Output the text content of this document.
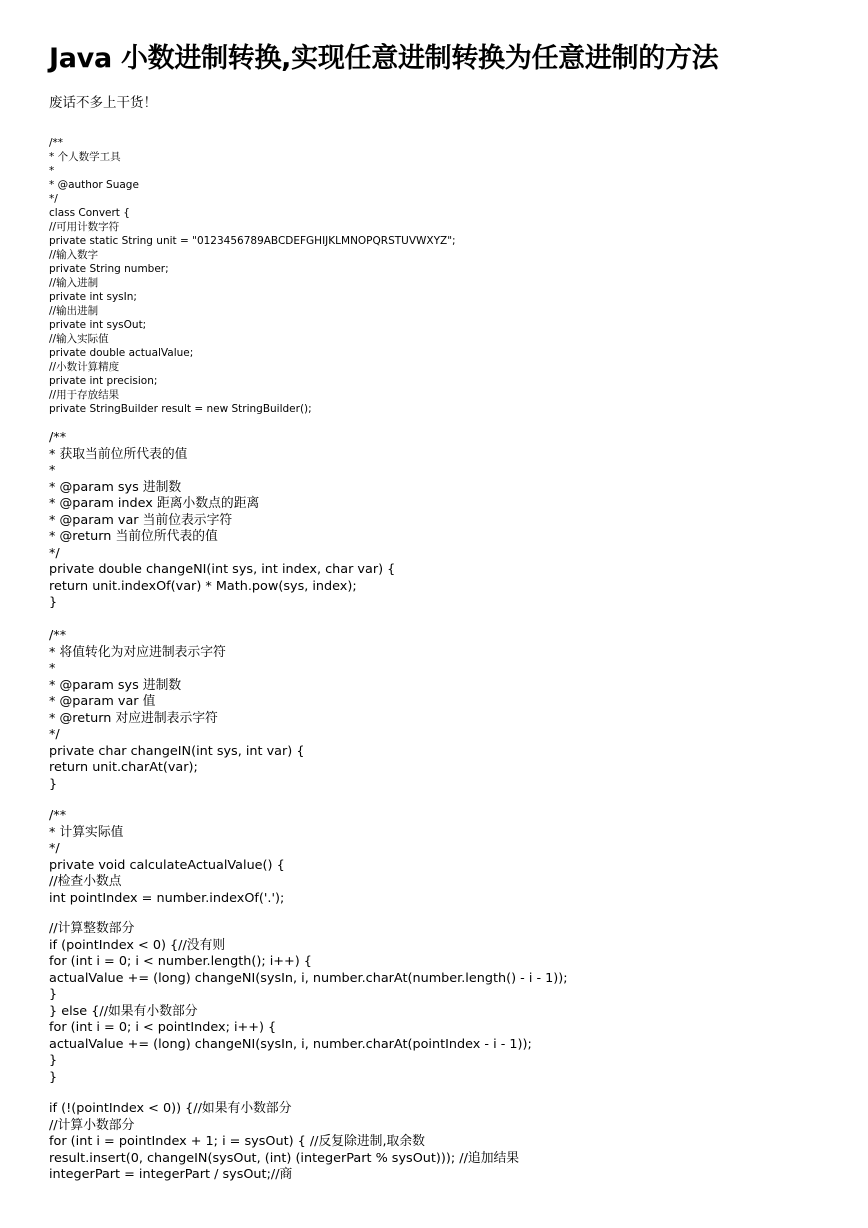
Java 小数进制转换,实现任意进制转换为任意进制的方法

废话不多上干货！

/**
* 个人数学工具
*
* @author Suage
*/
class Convert {
//可用计数字符
private static String unit = "0123456789ABCDEFGHIJKLMNOPQRSTUVWXYZ";
//输入数字
private String number;
//输入进制
private int sysIn;
//输出进制
private int sysOut;
//输入实际值
private double actualValue;
//小数计算精度
private int precision;
//用于存放结果
private StringBuilder result = new StringBuilder();
/**
* 获取当前位所代表的值
*
* @param sys 进制数
* @param index 距离小数点的距离
* @param var 当前位表示字符
* @return 当前位所代表的值
*/
private double changeNI(int sys, int index, char var) {
return unit.indexOf(var) * Math.pow(sys, index);
}
/**
* 将值转化为对应进制表示字符
*
* @param sys 进制数
* @param var 值
* @return 对应进制表示字符
*/
private char changeIN(int sys, int var) {
return unit.charAt(var);
}
/**
* 计算实际值
*/
private void calculateActualValue() {
//检查小数点
int pointIndex = number.indexOf('.');
//计算整数部分
if (pointIndex < 0) {//没有则
for (int i = 0; i < number.length(); i++) {
actualValue += (long) changeNI(sysIn, i, number.charAt(number.length() - i - 1));
}
} else {//如果有小数部分
for (int i = 0; i < pointIndex; i++) {
actualValue += (long) changeNI(sysIn, i, number.charAt(pointIndex - i - 1));
}
}
if (!(pointIndex < 0)) {//如果有小数部分
//计算小数部分
for (int i = pointIndex + 1; i = sysOut) { //反复除进制,取余数
result.insert(0, changeIN(sysOut, (int) (integerPart % sysOut))); //追加结果
integerPart = integerPart / sysOut;//商
